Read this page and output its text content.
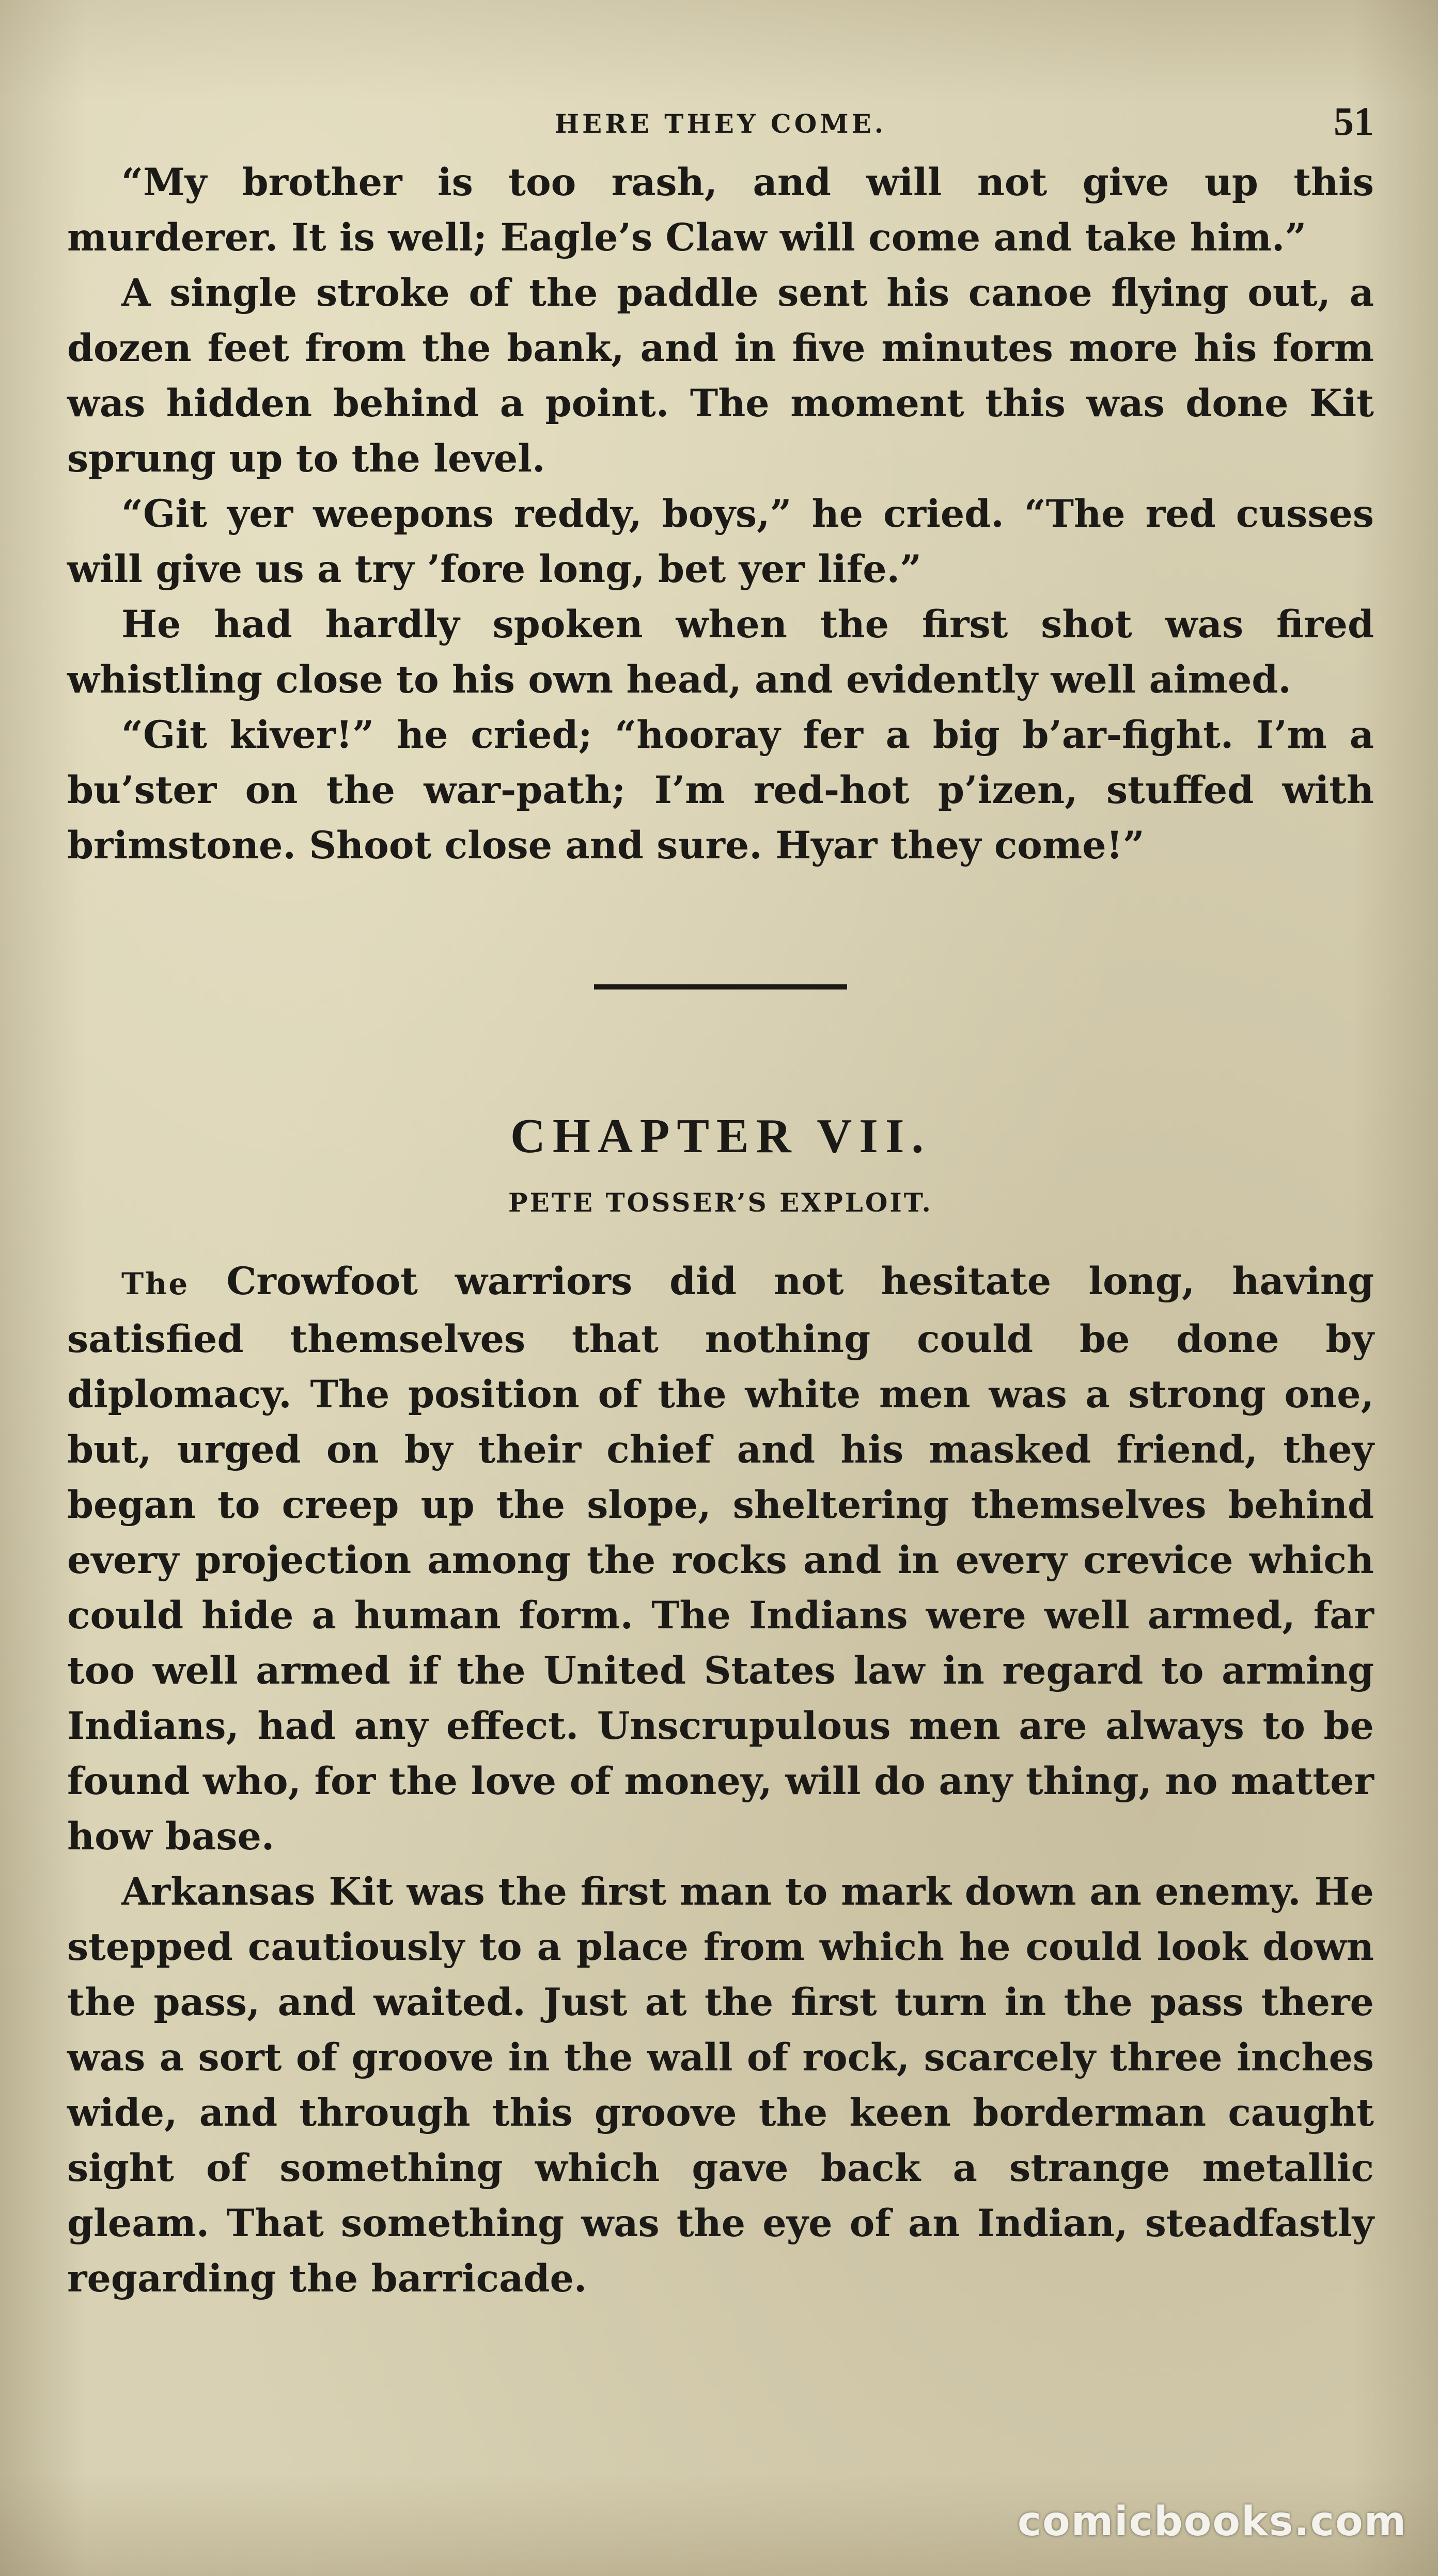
HERE THEY COME.	51

“My brother is too rash, and will not give up this murderer. It is well; Eagle’s Claw will come and take him.”

A single stroke of the paddle sent his canoe flying out, a dozen feet from the bank, and in five minutes more his form was hidden behind a point. The moment this was done Kit sprung up to the level.

“Git yer weepons reddy, boys,” he cried. “The red cusses will give us a try ’fore long, bet yer life.”

He had hardly spoken when the first shot was fired whistling close to his own head, and evidently well aimed.

“Git kiver!” he cried; “hooray fer a big b’ar-fight. I’m a bu’ster on the war-path; I’m red-hot p’izen, stuffed with brimstone. Shoot close and sure. Hyar they come!”

CHAPTER VII.
PETE TOSSER’S EXPLOIT.

The Crowfoot warriors did not hesitate long, having satisfied themselves that nothing could be done by diplomacy. The position of the white men was a strong one, but, urged on by their chief and his masked friend, they began to creep up the slope, sheltering themselves behind every projection among the rocks and in every crevice which could hide a human form. The Indians were well armed, far too well armed if the United States law in regard to arming Indians, had any effect. Unscrupulous men are always to be found who, for the love of money, will do any thing, no matter how base.

Arkansas Kit was the first man to mark down an enemy. He stepped cautiously to a place from which he could look down the pass, and waited. Just at the first turn in the pass there was a sort of groove in the wall of rock, scarcely three inches wide, and through this groove the keen borderman caught sight of something which gave back a strange metallic gleam. That something was the eye of an Indian, steadfastly regarding the barricade.

comicbooks.com
